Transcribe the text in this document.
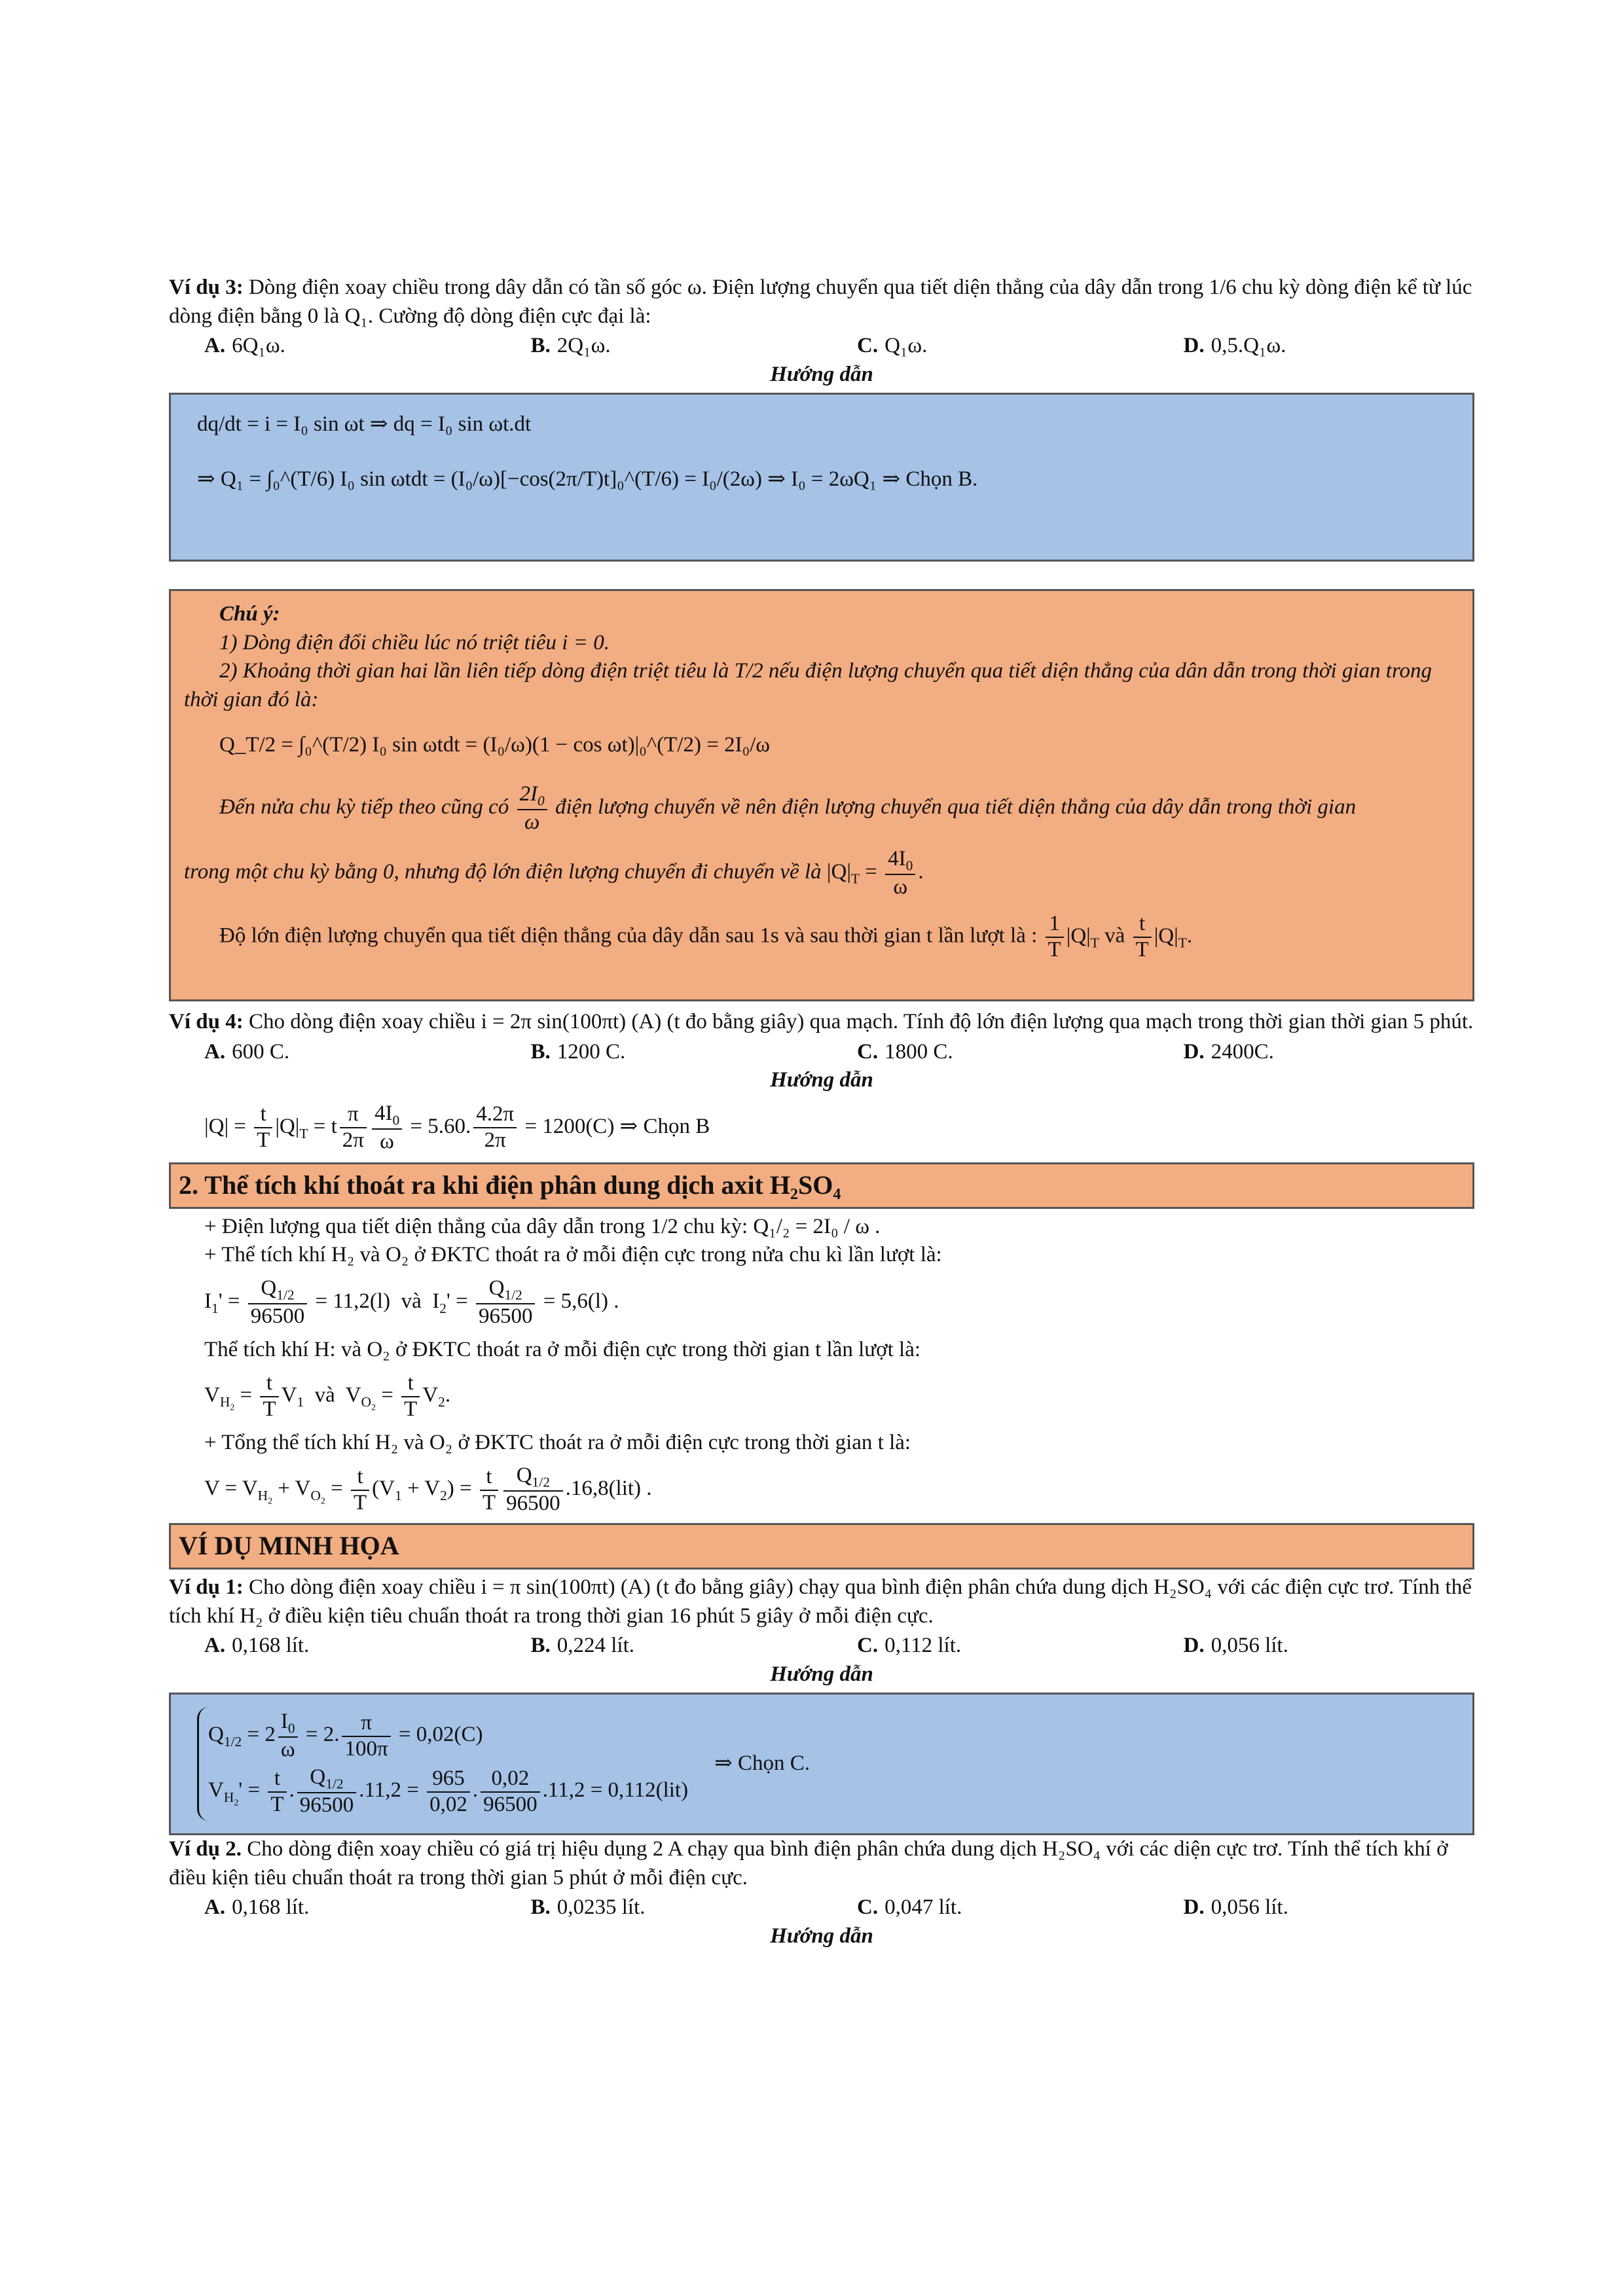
Ví dụ 3: Dòng điện xoay chiều trong dây dẫn có tần số góc ω. Điện lượng chuyển qua tiết diện thẳng của dây dẫn trong 1/6 chu kỳ dòng điện kể từ lúc dòng điện bằng 0 là Q₁. Cường độ dòng điện cực đại là:

A. 6Q₁ω.	B. 2Q₁ω.	C. Q₁ω.	D. 0,5.Q₁ω.

Hướng dẫn

dq/dt = i = I₀ sin ωt ⇒ dq = I₀ sin ωt.dt
⇒ Q₁ = ∫₀^(T/6) I₀ sin ωtdt = (I₀/ω)[−cos(2π/T)t]₀^(T/6) = I₀/(2ω) ⇒ I₀ = 2ωQ₁ ⇒ Chọn B.

Chú ý:

1) Dòng điện đổi chiều lúc nó triệt tiêu i = 0.

2) Khoảng thời gian hai lần liên tiếp dòng điện triệt tiêu là T/2 nếu điện lượng chuyển qua tiết diện thẳng của dân dẫn trong thời gian trong thời gian đó là:

Q_T/2 = ∫₀^(T/2) I₀ sin ωtdt = (I₀/ω)(1 − cos ωt)|₀^(T/2) = 2I₀/ω

Đến nửa chu kỳ tiếp theo cũng có $\frac{2I_0}{\omega}$ điện lượng chuyển về nên điện lượng chuyển qua tiết diện thẳng của dây dẫn trong thời gian

trong một chu kỳ bằng 0, nhưng độ lớn điện lượng chuyển đi chuyển về là $|Q|_T = \frac{4I_0}{\omega}$ .

Độ lớn điện lượng chuyển qua tiết diện thẳng của dây dẫn sau 1s và sau thời gian t lần lượt là : $\frac{1}{T} |Q|_T$ và $\frac{t}{T} |Q|_T$.

Ví dụ 4: Cho dòng điện xoay chiều i = 2π sin(100πt) (A) (t đo bằng giây) qua mạch. Tính độ lớn điện lượng qua mạch trong thời gian thời gian 5 phút.

A. 600 C.	B. 1200 C.	C. 1800 C.	D. 2400C.

Hướng dẫn

$|Q| = \frac{t}{T} |Q|_T = t \frac{\pi}{2\pi} \frac{4I_0}{\omega} = 5.60$. $\frac{4.2\pi}{2\pi} = 1200(C)$ ⇒ Chọn B
2. Thể tích khí thoát ra khi điện phân dung dịch axit H₂SO₄

+ Điện lượng qua tiết diện thẳng của dây dẫn trong 1/2 chu kỳ: Q₁/₂ = 2I₀ / ω .

+ Thể tích khí H₂ và O₂ ở ĐKTC thoát ra ở mỗi điện cực trong nửa chu kì lần lượt là:

$I_1' = \frac{Q_{1/2}}{96500} = 11,2(l)$  và  $I_2' = \frac{Q_{1/2}}{96500} = 5,6(l)$ .

Thể tích khí H: và O₂ ở ĐKTC thoát ra ở mỗi điện cực trong thời gian t lần lượt là:

$V_{H_2} = \frac{t}{T} V_1$  và  $V_{O_2} = \frac{t}{T} V_2$.

+ Tổng thể tích khí H₂ và O₂ ở ĐKTC thoát ra ở mỗi điện cực trong thời gian t là:

$V = V_{H_2} + V_{O_2} = \frac{t}{T} (V_1 + V_2) = \frac{t}{T} \frac{Q_{1/2}}{96500} .16,8(lit)$ .
VÍ DỤ MINH HỌA

Ví dụ 1: Cho dòng điện xoay chiều i = π sin(100πt) (A) (t đo bằng giây) chạy qua bình điện phân chứa dung dịch H₂SO₄ với các điện cực trơ. Tính thể tích khí H₂ ở điều kiện tiêu chuẩn thoát ra trong thời gian 16 phút 5 giây ở mỗi điện cực.

A. 0,168 lít.	B. 0,224 lít.	C. 0,112 lít.	D. 0,056 lít.

Hướng dẫn

$Q_{1/2} = 2 \frac{I_0}{\omega} = 2$. $\frac{\pi}{100\pi} = 0,02(C)$
$V_{H_2}' = \frac{t}{T}$ . $\frac{Q_{1/2}}{96500} .11,2 = \frac{965}{0,02}$ . $\frac{0,02}{96500} .11,2 = 0,112(lit)$
⇒ Chọn C.

Ví dụ 2. Cho dòng điện xoay chiều có giá trị hiệu dụng 2 A chạy qua bình điện phân chứa dung dịch H₂SO₄ với các diện cực trơ. Tính thể tích khí ở điều kiện tiêu chuẩn thoát ra trong thời gian 5 phút ở mỗi điện cực.

A. 0,168 lít.	B. 0,0235 lít.	C. 0,047 lít.	D. 0,056 lít.

Hướng dẫn
